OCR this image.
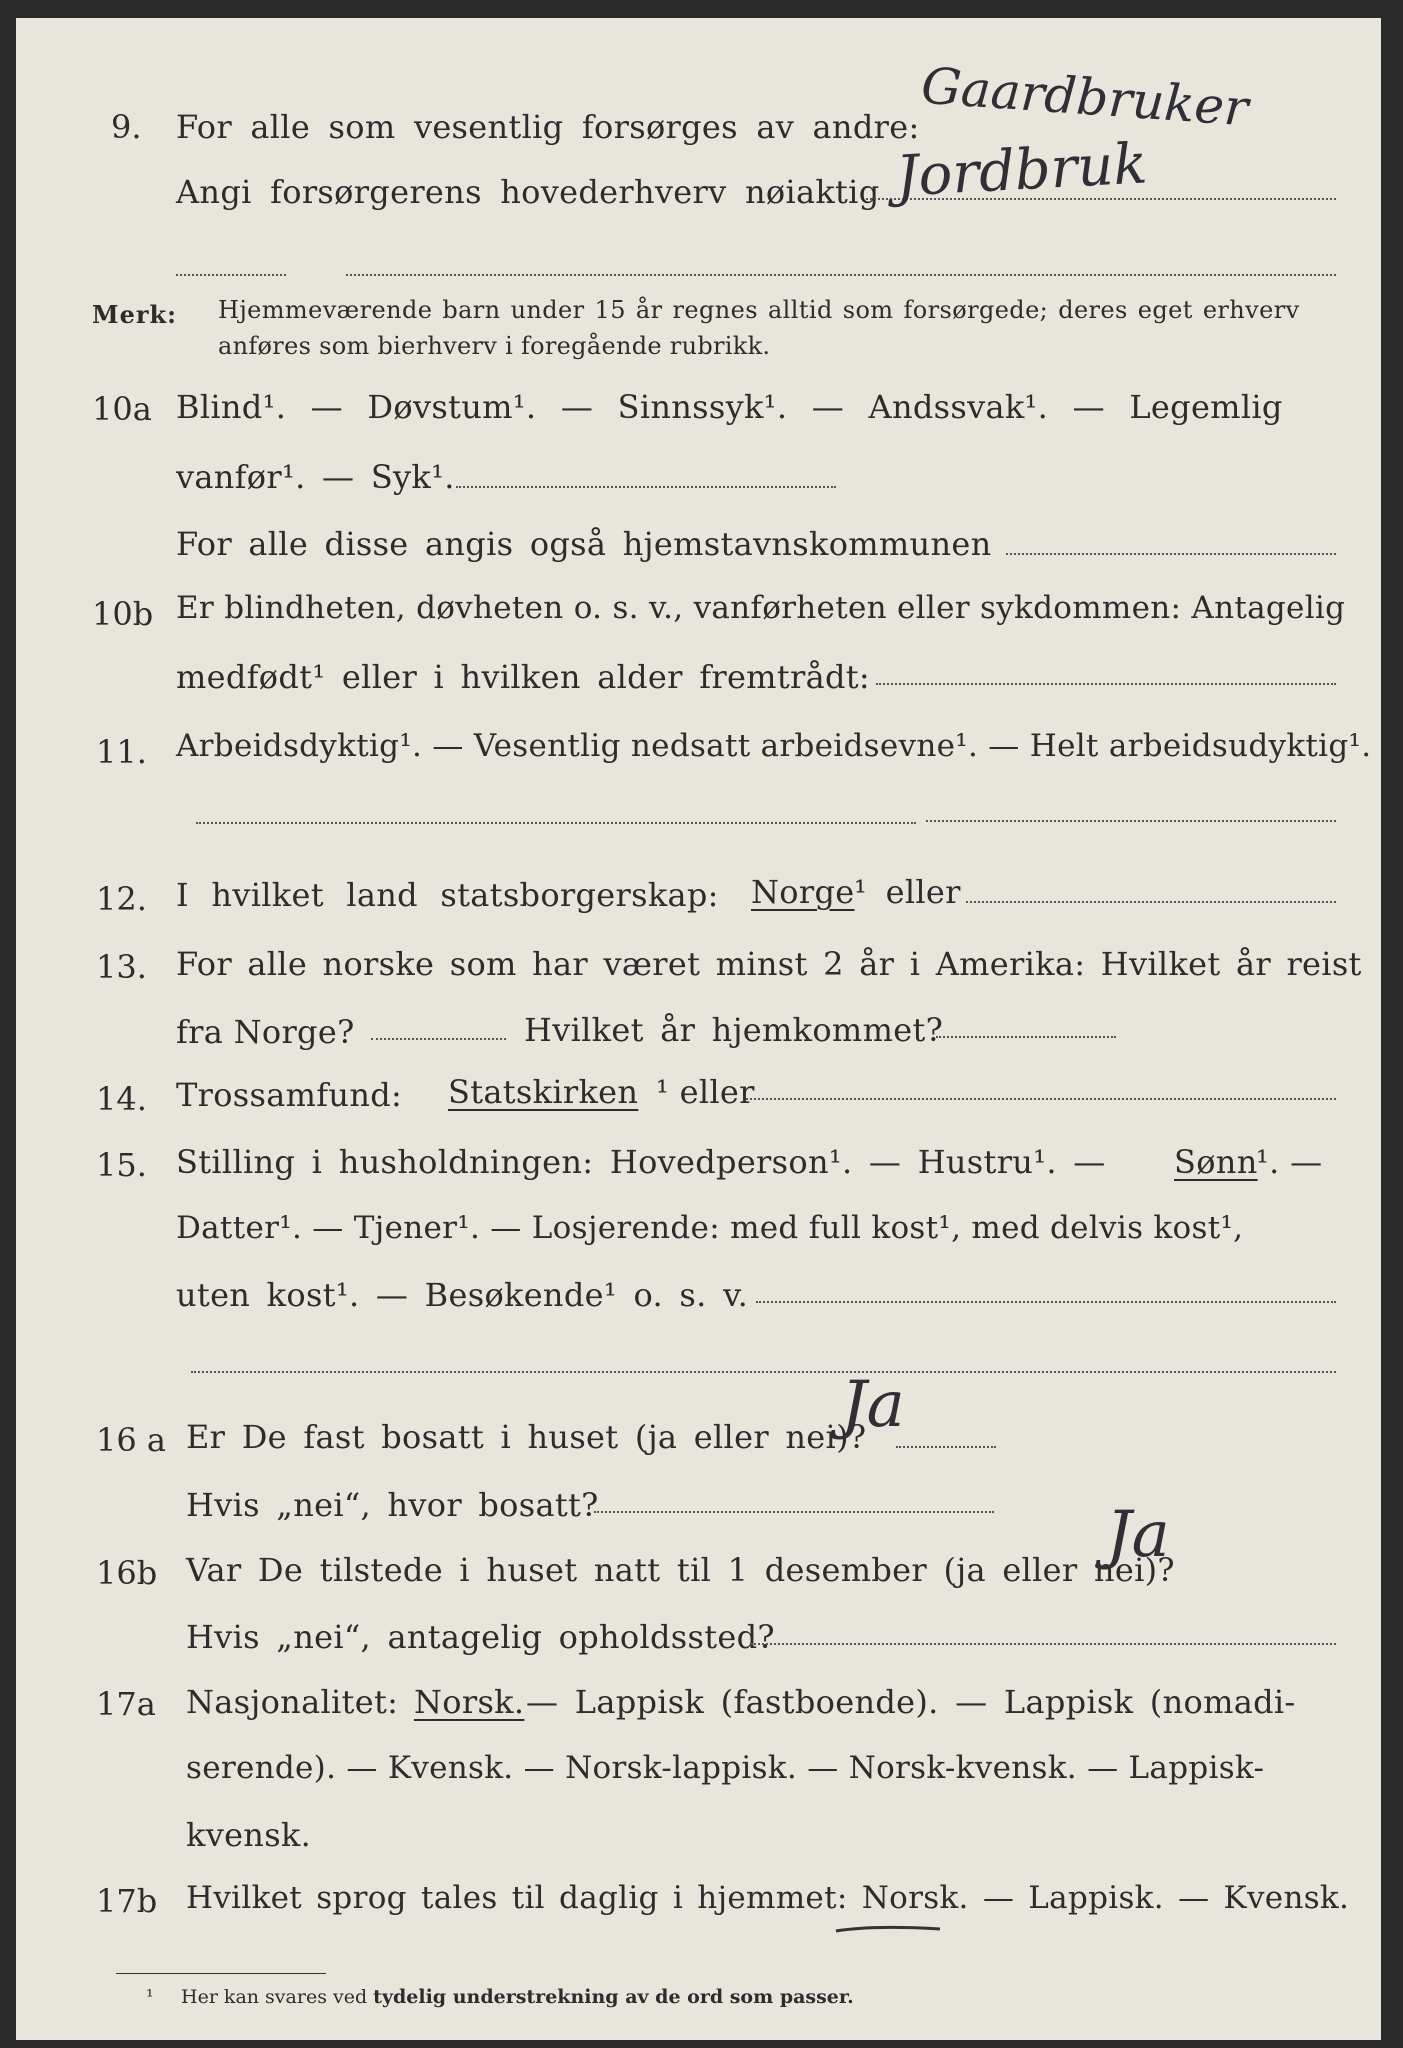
9. For alle som vesentlig forsørges av andre: Gaardbruker
Angi forsørgerens hovederhverv nøiaktig Jordbruk
Merk: Hjemmeværende barn under 15 år regnes alltid som forsørgede; deres eget erhverv
anføres som bierhverv i foregående rubrikk.
10a Blind¹. — Døvstum¹. — Sinnssyk¹. — Andssvak¹. — Legemlig
vanfør¹. — Syk¹.
For alle disse angis også hjemstavnskommunen
10b Er blindheten, døvheten o. s. v., vanførheten eller sykdommen: Antagelig
medfødt¹ eller i hvilken alder fremtrådt:
11. Arbeidsdyktig¹. — Vesentlig nedsatt arbeidsevne¹. — Helt arbeidsudyktig¹.
12. I hvilket land statsborgerskap: Norge ¹ eller
13. For alle norske som har været minst 2 år i Amerika: Hvilket år reist
fra Norge?	Hvilket år hjemkommet?
14. Trossamfund: Statskirken ¹ eller
15. Stilling i husholdningen: Hovedperson¹. — Hustru¹. — Sønn
¹. —
Datter¹. — Tjener¹. — Losjerende: med full kost¹, med delvis kost¹,
uten kost¹. — Besøkende¹ o. s. v.
16 a Er De fast bosatt i huset (ja eller nei)?
Ja
Hvis „nei“, hvor bosatt?
16b Var De tilstede i huset natt til 1 desember (ja eller nei)?
Ja
Hvis „nei“, antagelig opholdssted?
17a Nasjonalitet: Norsk. — Lappisk (fastboende). — Lappisk (nomadi-
serende). — Kvensk. — Norsk-lappisk. — Norsk-kvensk. — Lappisk-
kvensk.
17b Hvilket sprog tales til daglig i hjemmet: Norsk. — Lappisk. — Kvensk.
¹ Her kan svares ved tydelig understrekning av de ord som passer.
